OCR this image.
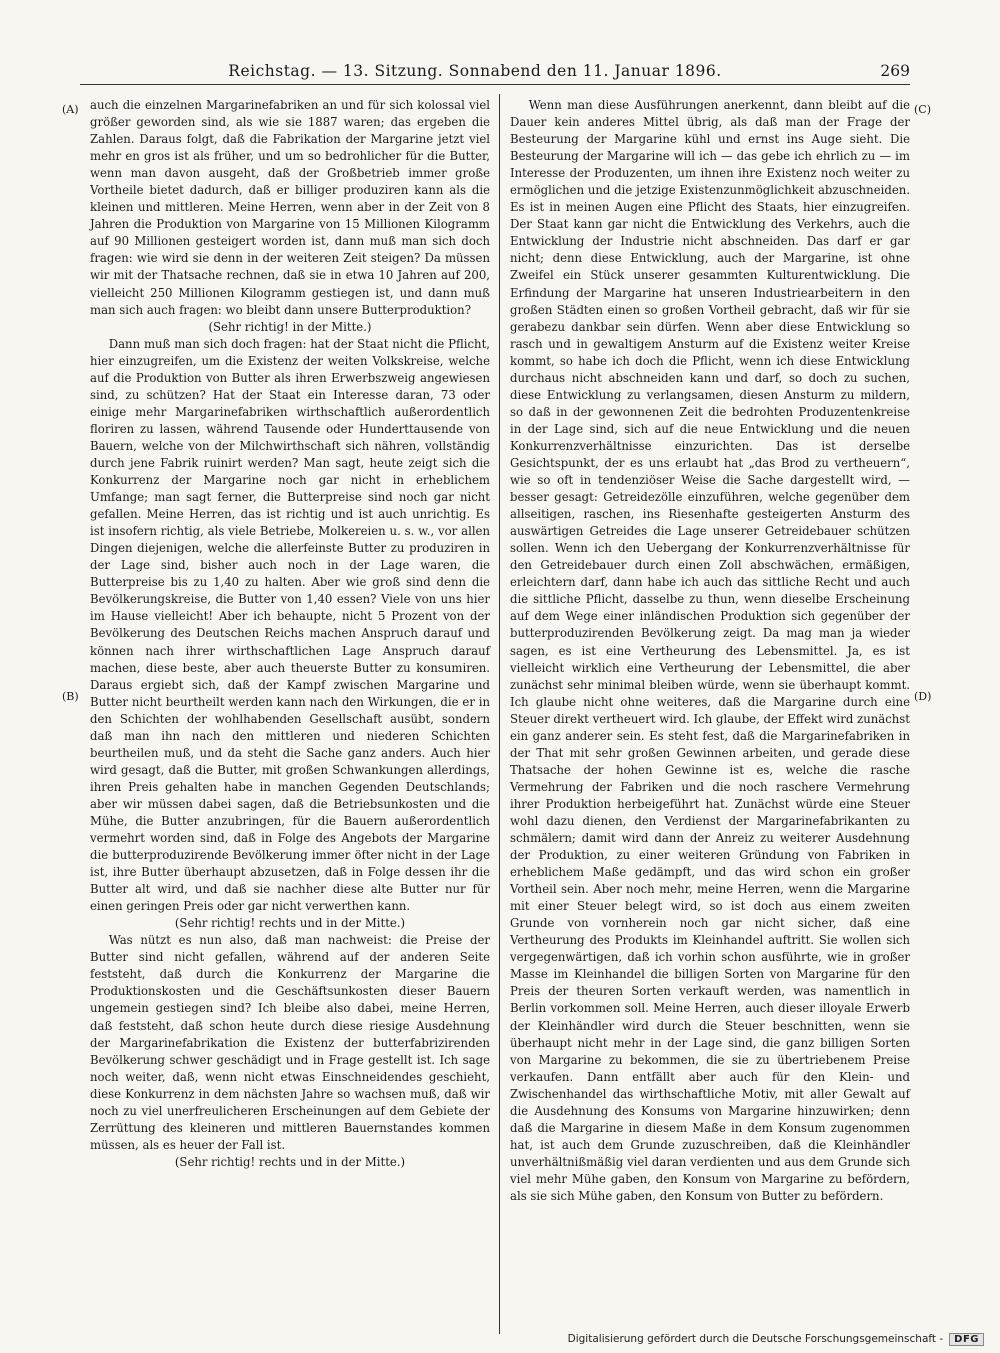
Reichstag. — 13. Sitzung. Sonnabend den 11. Januar 1896.	269
(A)
(B)
(C)
(D)

auch die einzelnen Margarinefabriken an und für sich kolossal viel größer geworden sind, als wie sie 1887 waren; das ergeben die Zahlen. Daraus folgt, daß die Fabrikation der Margarine jetzt viel mehr en gros ist als früher, und um so bedrohlicher für die Butter, wenn man davon ausgeht, daß der Großbetrieb immer große Vortheile bietet dadurch, daß er billiger produziren kann als die kleinen und mittleren. Meine Herren, wenn aber in der Zeit von 8 Jahren die Produktion von Margarine von 15 Millionen Kilogramm auf 90 Millionen gesteigert worden ist, dann muß man sich doch fragen: wie wird sie denn in der weiteren Zeit steigen? Da müssen wir mit der Thatsache rechnen, daß sie in etwa 10 Jahren auf 200, vielleicht 250 Millionen Kilogramm gestiegen ist, und dann muß man sich auch fragen: wo bleibt dann unsere Butterproduktion?

(Sehr richtig! in der Mitte.)

Dann muß man sich doch fragen: hat der Staat nicht die Pflicht, hier einzugreifen, um die Existenz der weiten Volkskreise, welche auf die Produktion von Butter als ihren Erwerbszweig angewiesen sind, zu schützen? Hat der Staat ein Interesse daran, 73 oder einige mehr Margarinefabriken wirthschaftlich außerordentlich floriren zu lassen, während Tausende oder Hunderttausende von Bauern, welche von der Milchwirthschaft sich nähren, vollständig durch jene Fabrik ruinirt werden? Man sagt, heute zeigt sich die Konkurrenz der Margarine noch gar nicht in erheblichem Umfange; man sagt ferner, die Butterpreise sind noch gar nicht gefallen. Meine Herren, das ist richtig und ist auch unrichtig. Es ist insofern richtig, als viele Betriebe, Molkereien u. s. w., vor allen Dingen diejenigen, welche die allerfeinste Butter zu produziren in der Lage sind, bisher auch noch in der Lage waren, die Butterpreise bis zu 1,40 zu halten. Aber wie groß sind denn die Bevölkerungskreise, die Butter von 1,40 essen? Viele von uns hier im Hause vielleicht! Aber ich behaupte, nicht 5 Prozent von der Bevölkerung des Deutschen Reichs machen Anspruch darauf und können nach ihrer wirthschaftlichen Lage Anspruch darauf machen, diese beste, aber auch theuerste Butter zu konsumiren. Daraus ergiebt sich, daß der Kampf zwischen Margarine und Butter nicht beurtheilt werden kann nach den Wirkungen, die er in den Schichten der wohlhabenden Gesellschaft ausübt, sondern daß man ihn nach den mittleren und niederen Schichten beurtheilen muß, und da steht die Sache ganz anders. Auch hier wird gesagt, daß die Butter, mit großen Schwankungen allerdings, ihren Preis gehalten habe in manchen Gegenden Deutschlands; aber wir müssen dabei sagen, daß die Betriebsunkosten und die Mühe, die Butter anzubringen, für die Bauern außerordentlich vermehrt worden sind, daß in Folge des Angebots der Margarine die butterproduzirende Bevölkerung immer öfter nicht in der Lage ist, ihre Butter überhaupt abzusetzen, daß in Folge dessen ihr die Butter alt wird, und daß sie nachher diese alte Butter nur für einen geringen Preis oder gar nicht verwerthen kann.

(Sehr richtig! rechts und in der Mitte.)

Was nützt es nun also, daß man nachweist: die Preise der Butter sind nicht gefallen, während auf der anderen Seite feststeht, daß durch die Konkurrenz der Margarine die Produktionskosten und die Geschäftsunkosten dieser Bauern ungemein gestiegen sind? Ich bleibe also dabei, meine Herren, daß feststeht, daß schon heute durch diese riesige Ausdehnung der Margarinefabrikation die Existenz der butterfabrizirenden Bevölkerung schwer geschädigt und in Frage gestellt ist. Ich sage noch weiter, daß, wenn nicht etwas Einschneidendes geschieht, diese Konkurrenz in dem nächsten Jahre so wachsen muß, daß wir noch zu viel unerfreulicheren Erscheinungen auf dem Gebiete der Zerrüttung des kleineren und mittleren Bauernstandes kommen müssen, als es heuer der Fall ist.

(Sehr richtig! rechts und in der Mitte.)

Wenn man diese Ausführungen anerkennt, dann bleibt auf die Dauer kein anderes Mittel übrig, als daß man der Frage der Besteurung der Margarine kühl und ernst ins Auge sieht. Die Besteurung der Margarine will ich — das gebe ich ehrlich zu — im Interesse der Produzenten, um ihnen ihre Existenz noch weiter zu ermöglichen und die jetzige Existenzunmöglichkeit abzuschneiden. Es ist in meinen Augen eine Pflicht des Staats, hier einzugreifen. Der Staat kann gar nicht die Entwicklung des Verkehrs, auch die Entwicklung der Industrie nicht abschneiden. Das darf er gar nicht; denn diese Entwicklung, auch der Margarine, ist ohne Zweifel ein Stück unserer gesammten Kulturentwicklung. Die Erfindung der Margarine hat unseren Industriearbeitern in den großen Städten einen so großen Vortheil gebracht, daß wir für sie gerabezu dankbar sein dürfen. Wenn aber diese Entwicklung so rasch und in gewaltigem Ansturm auf die Existenz weiter Kreise kommt, so habe ich doch die Pflicht, wenn ich diese Entwicklung durchaus nicht abschneiden kann und darf, so doch zu suchen, diese Entwicklung zu verlangsamen, diesen Ansturm zu mildern, so daß in der gewonnenen Zeit die bedrohten Produzentenkreise in der Lage sind, sich auf die neue Entwicklung und die neuen Konkurrenzverhältnisse einzurichten. Das ist derselbe Gesichtspunkt, der es uns erlaubt hat „das Brod zu vertheuern“, wie so oft in tendenziöser Weise die Sache dargestellt wird, — besser gesagt: Getreidezölle einzuführen, welche gegenüber dem allseitigen, raschen, ins Riesenhafte gesteigerten Ansturm des auswärtigen Getreides die Lage unserer Getreidebauer schützen sollen. Wenn ich den Uebergang der Konkurrenzverhältnisse für den Getreidebauer durch einen Zoll abschwächen, ermäßigen, erleichtern darf, dann habe ich auch das sittliche Recht und auch die sittliche Pflicht, dasselbe zu thun, wenn dieselbe Erscheinung auf dem Wege einer inländischen Produktion sich gegenüber der butterproduzirenden Bevölkerung zeigt. Da mag man ja wieder sagen, es ist eine Vertheurung des Lebensmittel. Ja, es ist vielleicht wirklich eine Vertheurung der Lebensmittel, die aber zunächst sehr minimal bleiben würde, wenn sie überhaupt kommt. Ich glaube nicht ohne weiteres, daß die Margarine durch eine Steuer direkt vertheuert wird. Ich glaube, der Effekt wird zunächst ein ganz anderer sein. Es steht fest, daß die Margarinefabriken in der That mit sehr großen Gewinnen arbeiten, und gerade diese Thatsache der hohen Gewinne ist es, welche die rasche Vermehrung der Fabriken und die noch raschere Vermehrung ihrer Produktion herbeigeführt hat. Zunächst würde eine Steuer wohl dazu dienen, den Verdienst der Margarinefabrikanten zu schmälern; damit wird dann der Anreiz zu weiterer Ausdehnung der Produktion, zu einer weiteren Gründung von Fabriken in erheblichem Maße gedämpft, und das wird schon ein großer Vortheil sein. Aber noch mehr, meine Herren, wenn die Margarine mit einer Steuer belegt wird, so ist doch aus einem zweiten Grunde von vornherein noch gar nicht sicher, daß eine Vertheurung des Produkts im Kleinhandel auftritt. Sie wollen sich vergegenwärtigen, daß ich vorhin schon ausführte, wie in großer Masse im Kleinhandel die billigen Sorten von Margarine für den Preis der theuren Sorten verkauft werden, was namentlich in Berlin vorkommen soll. Meine Herren, auch dieser illoyale Erwerb der Kleinhändler wird durch die Steuer beschnitten, wenn sie überhaupt nicht mehr in der Lage sind, die ganz billigen Sorten von Margarine zu bekommen, die sie zu übertriebenem Preise verkaufen. Dann entfällt aber auch für den Klein- und Zwischenhandel das wirthschaftliche Motiv, mit aller Gewalt auf die Ausdehnung des Konsums von Margarine hinzuwirken; denn daß die Margarine in diesem Maße in dem Konsum zugenommen hat, ist auch dem Grunde zuzuschreiben, daß die Kleinhändler unverhältnißmäßig viel daran verdienten und aus dem Grunde sich viel mehr Mühe gaben, den Konsum von Margarine zu befördern, als sie sich Mühe gaben, den Konsum von Butter zu befördern.

Digitalisierung gefördert durch die Deutsche Forschungsgemeinschaft - DFG
